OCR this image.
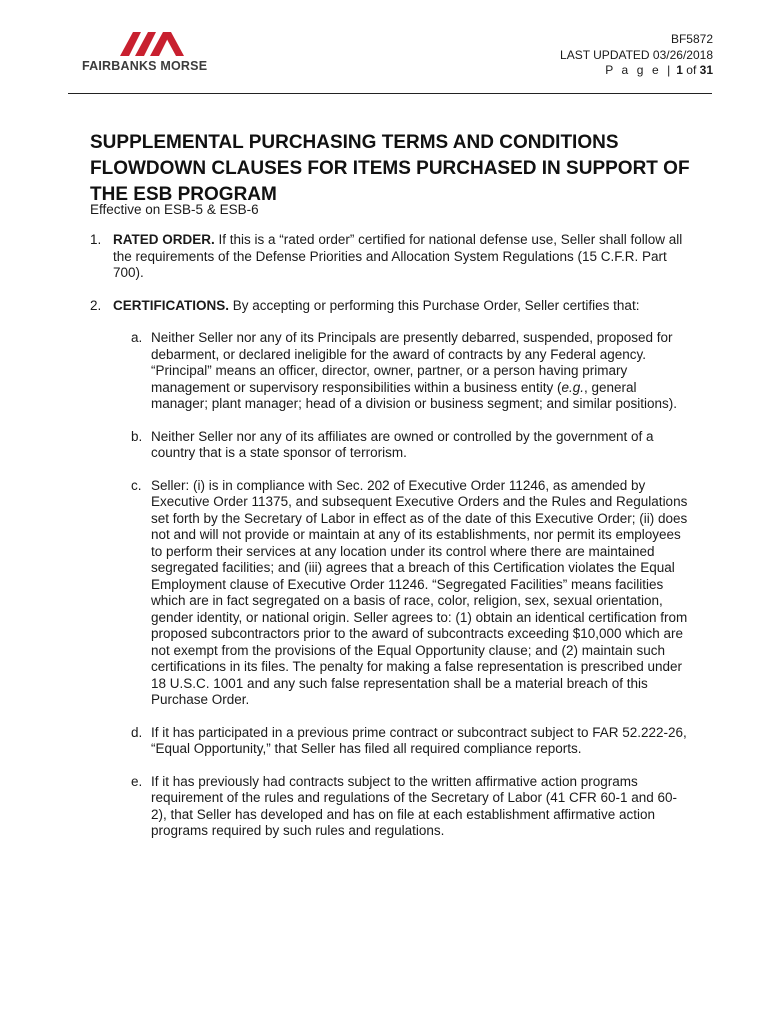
FAIRBANKS MORSE
BF5872
LAST UPDATED 03/26/2018
P a g e | 1 of 31
SUPPLEMENTAL PURCHASING TERMS AND CONDITIONS FLOWDOWN CLAUSES FOR ITEMS PURCHASED IN SUPPORT OF THE ESB PROGRAM
Effective on ESB-5 & ESB-6
1. RATED ORDER. If this is a “rated order” certified for national defense use, Seller shall follow all the requirements of the Defense Priorities and Allocation System Regulations (15 C.F.R. Part 700).
2. CERTIFICATIONS. By accepting or performing this Purchase Order, Seller certifies that:
a. Neither Seller nor any of its Principals are presently debarred, suspended, proposed for debarment, or declared ineligible for the award of contracts by any Federal agency. “Principal” means an officer, director, owner, partner, or a person having primary management or supervisory responsibilities within a business entity (e.g., general manager; plant manager; head of a division or business segment; and similar positions).
b. Neither Seller nor any of its affiliates are owned or controlled by the government of a country that is a state sponsor of terrorism.
c. Seller: (i) is in compliance with Sec. 202 of Executive Order 11246, as amended by Executive Order 11375, and subsequent Executive Orders and the Rules and Regulations set forth by the Secretary of Labor in effect as of the date of this Executive Order; (ii) does not and will not provide or maintain at any of its establishments, nor permit its employees to perform their services at any location under its control where there are maintained segregated facilities; and (iii) agrees that a breach of this Certification violates the Equal Employment clause of Executive Order 11246. “Segregated Facilities” means facilities which are in fact segregated on a basis of race, color, religion, sex, sexual orientation, gender identity, or national origin. Seller agrees to: (1) obtain an identical certification from proposed subcontractors prior to the award of subcontracts exceeding $10,000 which are not exempt from the provisions of the Equal Opportunity clause; and (2) maintain such certifications in its files. The penalty for making a false representation is prescribed under 18 U.S.C. 1001 and any such false representation shall be a material breach of this Purchase Order.
d. If it has participated in a previous prime contract or subcontract subject to FAR 52.222-26, “Equal Opportunity,” that Seller has filed all required compliance reports.
e. If it has previously had contracts subject to the written affirmative action programs requirement of the rules and regulations of the Secretary of Labor (41 CFR 60-1 and 60-2), that Seller has developed and has on file at each establishment affirmative action programs required by such rules and regulations.
